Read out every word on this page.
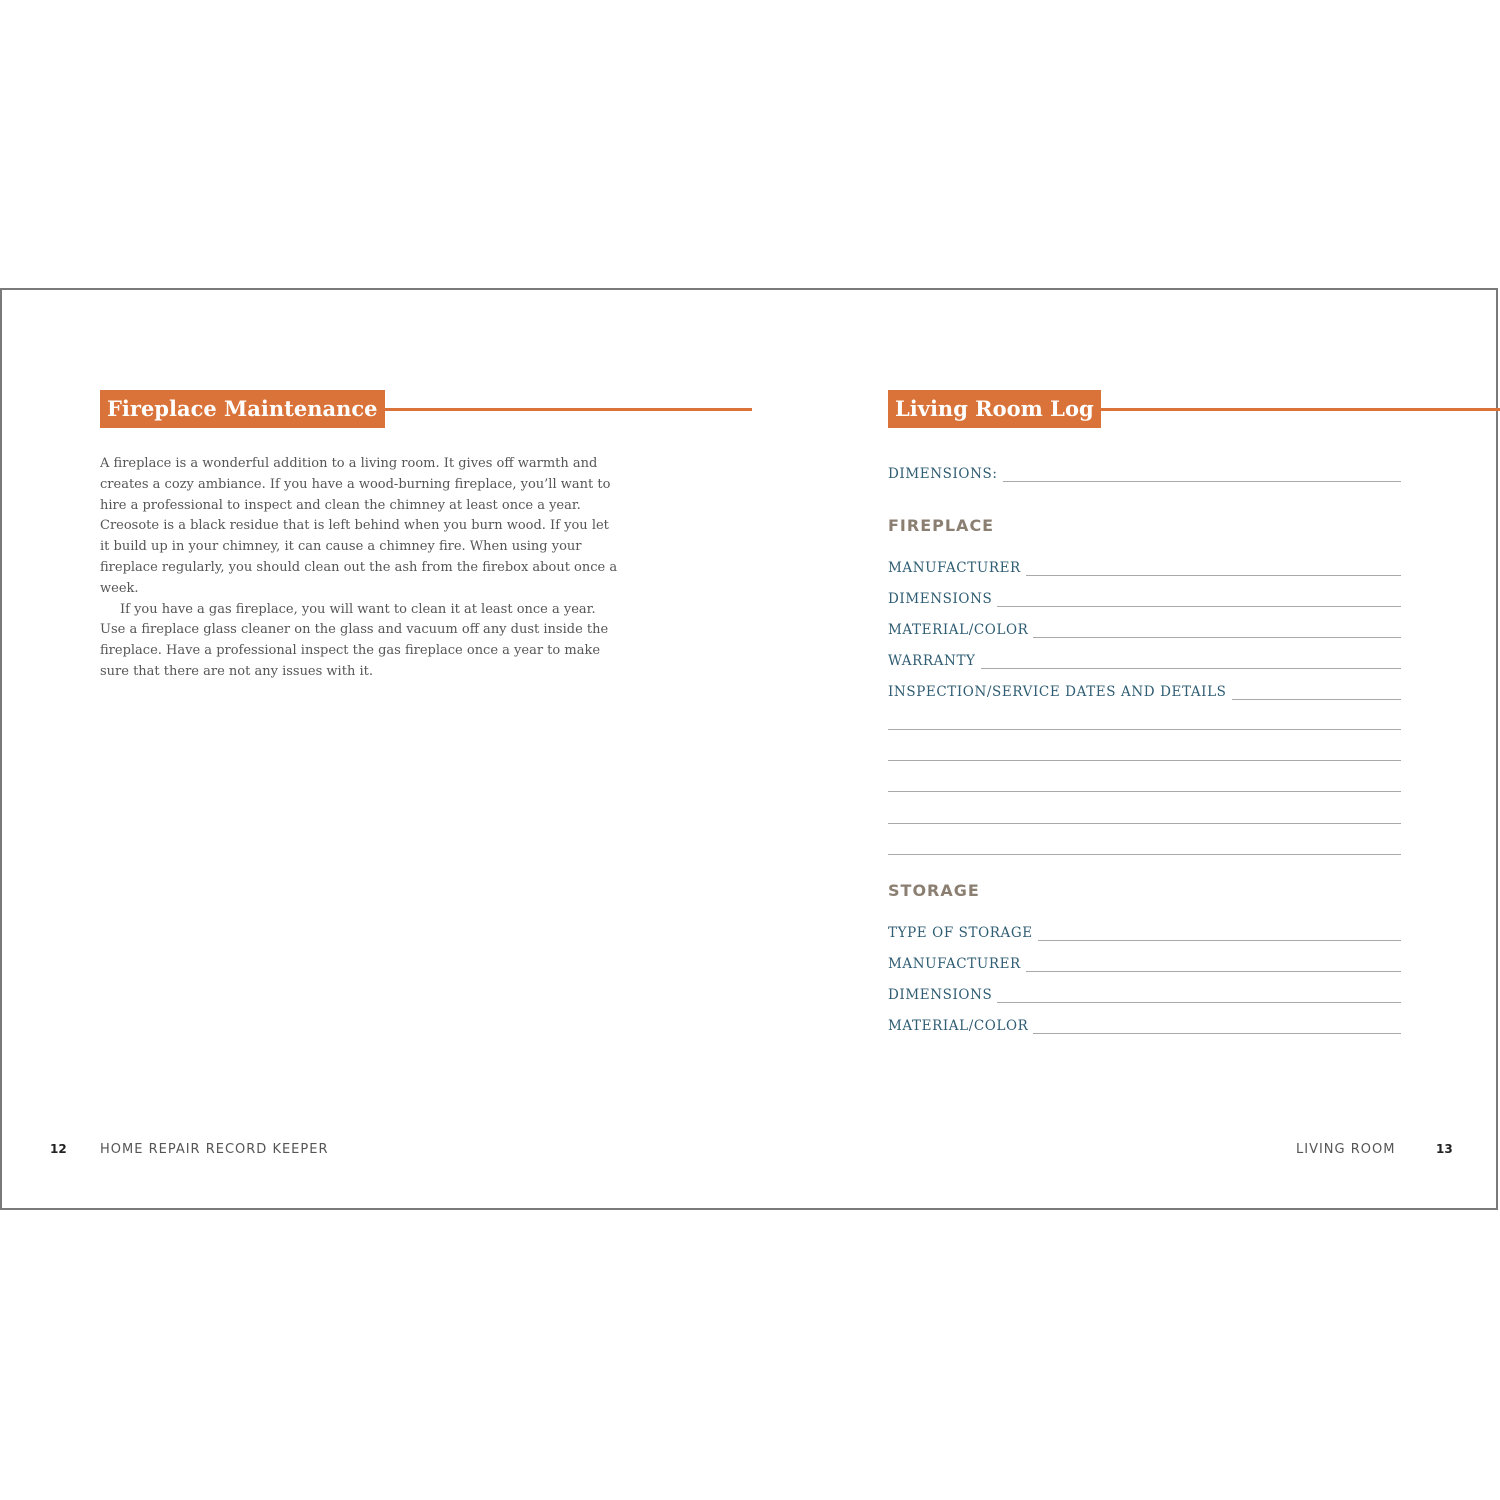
Fireplace Maintenance

A fireplace is a wonderful addition to a living room. It gives off warmth and creates a cozy ambiance. If you have a wood-burning fireplace, you’ll want to hire a professional to inspect and clean the chimney at least once a year. Creosote is a black residue that is left behind when you burn wood. If you let it build up in your chimney, it can cause a chimney fire. When using your fireplace regularly, you should clean out the ash from the firebox about once a week.

If you have a gas fireplace, you will want to clean it at least once a year. Use a fireplace glass cleaner on the glass and vacuum off any dust inside the fireplace. Have a professional inspect the gas fireplace once a year to make sure that there are not any issues with it.

12	HOME REPAIR RECORD KEEPER
Living Room Log
DIMENSIONS:
FIREPLACE
MANUFACTURER
DIMENSIONS
MATERIAL/COLOR
WARRANTY
INSPECTION/SERVICE DATES AND DETAILS
STORAGE
TYPE OF STORAGE
MANUFACTURER
DIMENSIONS
MATERIAL/COLOR
LIVING ROOM	13
